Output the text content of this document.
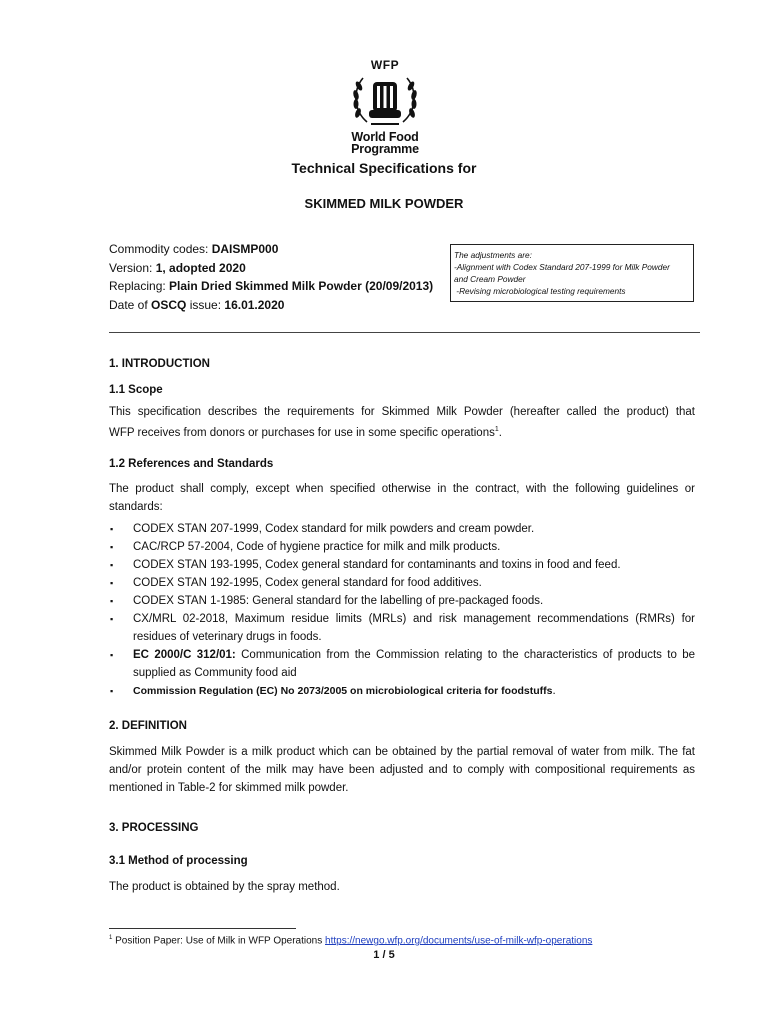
WFP
World Food
Programme
Technical Specifications for
SKIMMED MILK POWDER
Commodity codes: DAISMP000
Version: 1, adopted 2020
Replacing: Plain Dried Skimmed Milk Powder (20/09/2013)
Date of OSCQ issue: 16.01.2020
The adjustments are:
-Alignment with Codex Standard 207-1999 for Milk Powder
and Cream Powder
-Revising microbiological testing requirements
1. INTRODUCTION
1.1 Scope
This specification describes the requirements for Skimmed Milk Powder (hereafter called the product) that
WFP receives from donors or purchases for use in some specific operations$^1$.
1.2 References and Standards
The product shall comply, except when specified otherwise in the contract, with the following guidelines or
standards:
▪ CODEX STAN 207-1999, Codex standard for milk powders and cream powder.
▪ CAC/RCP 57-2004, Code of hygiene practice for milk and milk products.
▪ CODEX STAN 193-1995, Codex general standard for contaminants and toxins in food and feed.
▪ CODEX STAN 192-1995, Codex general standard for food additives.
▪ CODEX STAN 1-1985: General standard for the labelling of pre-packaged foods.
▪ CX/MRL 02-2018, Maximum residue limits (MRLs) and risk management recommendations (RMRs) for residues of veterinary drugs in foods.
▪ EC 2000/C 312/01: Communication from the Commission relating to the characteristics of products to be supplied as Community food aid
▪ Commission Regulation (EC) No 2073/2005 on microbiological criteria for foodstuffs.
2. DEFINITION
Skimmed Milk Powder is a milk product which can be obtained by the partial removal of water from milk. The fat and/or protein content of the milk may have been adjusted and to comply with compositional requirements as mentioned in Table-2 for skimmed milk powder.
3. PROCESSING
3.1 Method of processing
The product is obtained by the spray method.
$^1$ Position Paper: Use of Milk in WFP Operations https://newgo.wfp.org/documents/use-of-milk-wfp-operations
1 / 5
